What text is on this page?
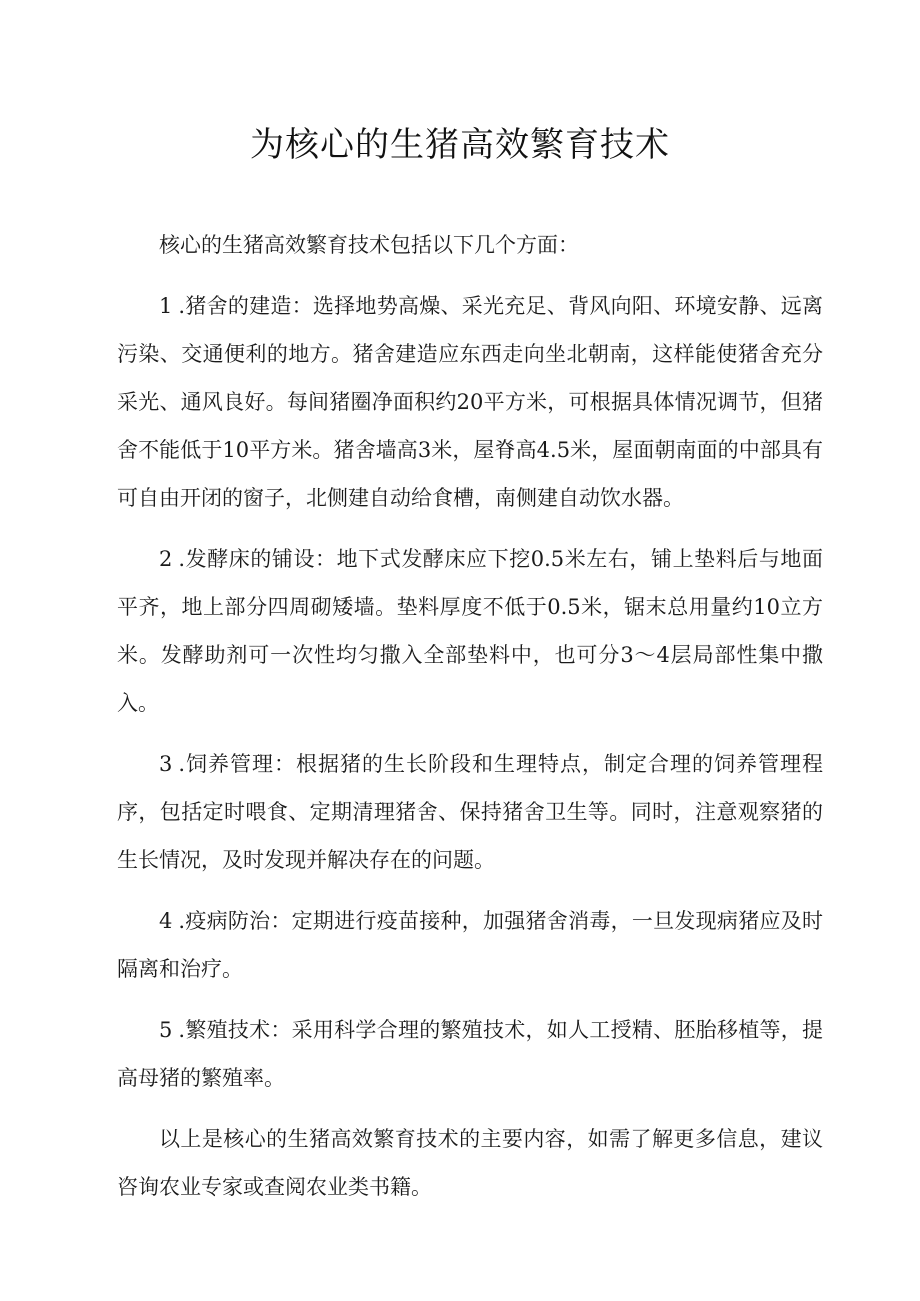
为核心的生猪高效繁育技术

核心的生猪高效繁育技术包括以下几个方面：

1 .猪舍的建造：选择地势高燥、采光充足、背风向阳、环境安静、远离污染、交通便利的地方。猪舍建造应东西走向坐北朝南，这样能使猪舍充分采光、通风良好。每间猪圈净面积约20平方米，可根据具体情况调节，但猪舍不能低于10平方米。猪舍墙高3米，屋脊高4.5米，屋面朝南面的中部具有可自由开闭的窗子，北侧建自动给食槽，南侧建自动饮水器。

2 .发酵床的铺设：地下式发酵床应下挖0.5米左右，铺上垫料后与地面平齐，地上部分四周砌矮墙。垫料厚度不低于0.5米，锯末总用量约10立方米。发酵助剂可一次性均匀撒入全部垫料中，也可分3～4层局部性集中撒入。

3 .饲养管理：根据猪的生长阶段和生理特点，制定合理的饲养管理程序，包括定时喂食、定期清理猪舍、保持猪舍卫生等。同时，注意观察猪的生长情况，及时发现并解决存在的问题。

4 .疫病防治：定期进行疫苗接种，加强猪舍消毒，一旦发现病猪应及时隔离和治疗。

5 .繁殖技术：采用科学合理的繁殖技术，如人工授精、胚胎移植等，提高母猪的繁殖率。

以上是核心的生猪高效繁育技术的主要内容，如需了解更多信息，建议咨询农业专家或查阅农业类书籍。
